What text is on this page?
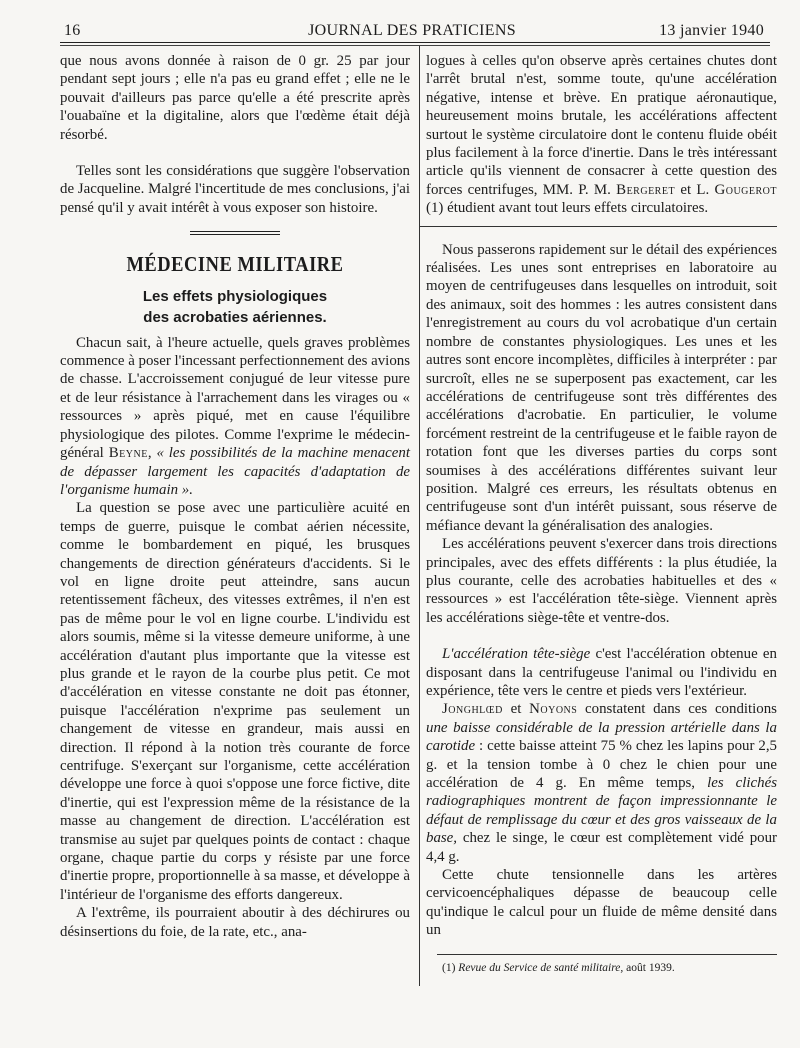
16	JOURNAL DES PRATICIENS	13 janvier 1940

que nous avons donnée à raison de 0 gr. 25 par jour pendant sept jours ; elle n'a pas eu grand effet ; elle ne le pouvait d'ailleurs pas parce qu'elle a été prescrite après l'ouabaïne et la digitaline, alors que l'œdème était déjà résorbé.

Telles sont les considérations que suggère l'observation de Jacqueline. Malgré l'incertitude de mes conclusions, j'ai pensé qu'il y avait intérêt à vous exposer son histoire.

MÉDECINE MILITAIRE
Les effets physiologiques
des acrobaties aériennes.

Chacun sait, à l'heure actuelle, quels graves problèmes commence à poser l'incessant perfectionnement des avions de chasse. L'accroissement conjugué de leur vitesse pure et de leur résistance à l'arrachement dans les virages ou « ressources » après piqué, met en cause l'équilibre physiologique des pilotes. Comme l'exprime le médecin-général Beyne, « les possibilités de la machine menacent de dépasser largement les capacités d'adaptation de l'organisme humain ».

La question se pose avec une particulière acuité en temps de guerre, puisque le combat aérien nécessite, comme le bombardement en piqué, les brusques changements de direction générateurs d'accidents. Si le vol en ligne droite peut atteindre, sans aucun retentissement fâcheux, des vitesses extrêmes, il n'en est pas de même pour le vol en ligne courbe. L'individu est alors soumis, même si la vitesse demeure uniforme, à une accélération d'autant plus importante que la vitesse est plus grande et le rayon de la courbe plus petit. Ce mot d'accélération en vitesse constante ne doit pas étonner, puisque l'accélération n'exprime pas seulement un changement de vitesse en grandeur, mais aussi en direction. Il répond à la notion très courante de force centrifuge. S'exerçant sur l'organisme, cette accélération développe une force à quoi s'oppose une force fictive, dite d'inertie, qui est l'expression même de la résistance de la masse au changement de direction. L'accélération est transmise au sujet par quelques points de contact : chaque organe, chaque partie du corps y résiste par une force d'inertie propre, proportionnelle à sa masse, et développe à l'intérieur de l'organisme des efforts dangereux.

A l'extrême, ils pourraient aboutir à des déchirures ou désinsertions du foie, de la rate, etc., ana-

logues à celles qu'on observe après certaines chutes dont l'arrêt brutal n'est, somme toute, qu'une accélération négative, intense et brève. En pratique aéronautique, heureusement moins brutale, les accélérations affectent surtout le système circulatoire dont le contenu fluide obéit plus facilement à la force d'inertie. Dans le très intéressant article qu'ils viennent de consacrer à cette question des forces centrifuges, MM. P. M. Bergeret et L. Gougerot (1) étudient avant tout leurs effets circulatoires.

Nous passerons rapidement sur le détail des expériences réalisées. Les unes sont entreprises en laboratoire au moyen de centrifugeuses dans lesquelles on introduit, soit des animaux, soit des hommes : les autres consistent dans l'enregistrement au cours du vol acrobatique d'un certain nombre de constantes physiologiques. Les unes et les autres sont encore incomplètes, difficiles à interpréter : par surcroît, elles ne se superposent pas exactement, car les accélérations de centrifugeuse sont très différentes des accélérations d'acrobatie. En particulier, le volume forcément restreint de la centrifugeuse et le faible rayon de rotation font que les diverses parties du corps sont soumises à des accélérations différentes suivant leur position. Malgré ces erreurs, les résultats obtenus en centrifugeuse sont d'un intérêt puissant, sous réserve de méfiance devant la généralisation des analogies.

Les accélérations peuvent s'exercer dans trois directions principales, avec des effets différents : la plus étudiée, la plus courante, celle des acrobaties habituelles et des « ressources » est l'accélération tête-siège. Viennent après les accélérations siège-tête et ventre-dos.

L'accélération tête-siège c'est l'accélération obtenue en disposant dans la centrifugeuse l'animal ou l'individu en expérience, tête vers le centre et pieds vers l'extérieur.

Jonghlœd et Noyons constatent dans ces conditions une baisse considérable de la pression artérielle dans la carotide : cette baisse atteint 75 % chez les lapins pour 2,5 g. et la tension tombe à 0 chez le chien pour une accélération de 4 g. En même temps, les clichés radiographiques montrent de façon impressionnante le défaut de remplissage du cœur et des gros vaisseaux de la base, chez le singe, le cœur est complètement vidé pour 4,4 g.

Cette chute tensionnelle dans les artères cervicoencéphaliques dépasse de beaucoup celle qu'indique le calcul pour un fluide de même densité dans un

(1) Revue du Service de santé militaire, août 1939.
